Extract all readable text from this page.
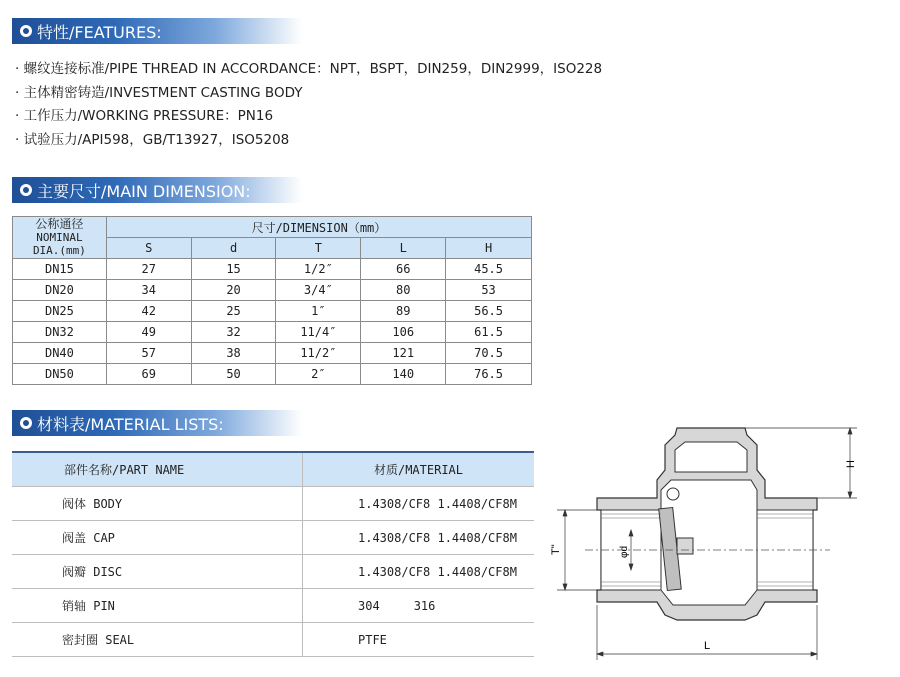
特性/FEATURES:
· 螺纹连接标准/PIPE THREAD IN ACCORDANCE：NPT，BSPT，DIN259，DIN2999，ISO228
· 主体精密铸造/INVESTMENT CASTING BODY
· 工作压力/WORKING PRESSURE：PN16
· 试验压力/API598，GB/T13927，ISO5208
主要尺寸/MAIN DIMENSION:
公称通径
NOMINAL
DIA.(mm)	尺寸/DIMENSION（mm）				
	S	d	T	L	H
DN15	27	15	1/2″	66	45.5
DN20	34	20	3/4″	80	53
DN25	42	25	1″	89	56.5
DN32	49	32	11/4″	106	61.5
DN40	57	38	11/2″	121	70.5
DN50	69	50	2″	140	76.5
材料表/MATERIAL LISTS:
部件名称/PART NAME	材质/MATERIAL
阀体 BODY	1.4308/CF8 1.4408/CF8M
阀盖 CAP	1.4308/CF8 1.4408/CF8M
阀瓣 DISC	1.4308/CF8 1.4408/CF8M
销轴 PIN	304 316
密封圈 SEAL	PTFE	L
H
T"	φd
